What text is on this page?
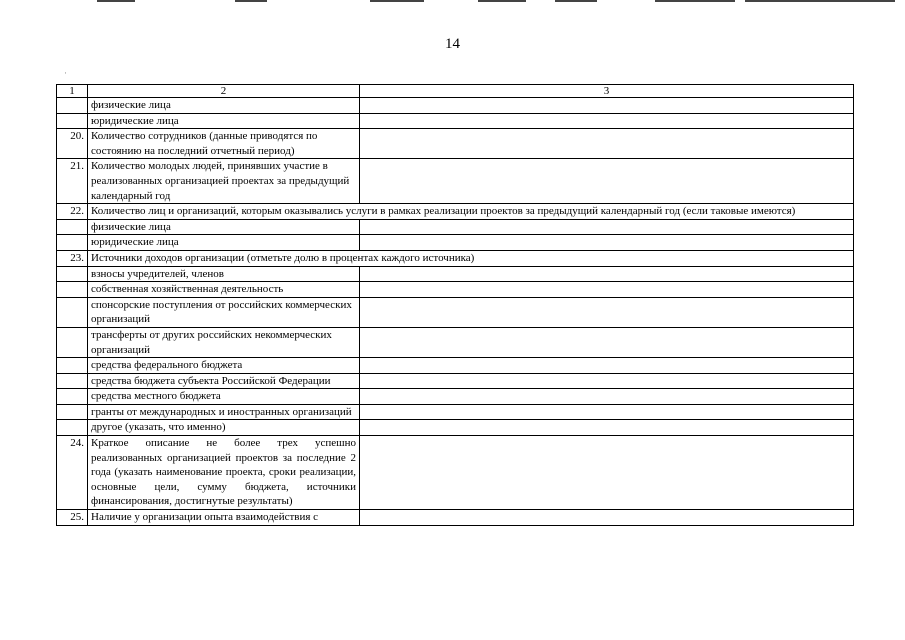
14
·
1	2	3
	физические лица	
	юридические лица	
20.	Количество сотрудников (данные приводятся по состоянию на последний отчетный период)	
21.	Количество молодых людей, принявших участие в реализованных организацией проектах за предыдущий календарный год	
22.	Количество лиц и организаций, которым оказывались услуги в рамках реализации проектов за предыдущий календарный год (если таковые имеются)	
	физические лица	
	юридические лица	
23.	Источники доходов организации (отметьте долю в процентах каждого источника)	
	взносы учредителей, членов	
	собственная хозяйственная деятельность	
	спонсорские поступления от российских коммерческих организаций	
	трансферты от других российских некоммерческих организаций	
	средства федерального бюджета	
	средства бюджета субъекта Российской Федерации	
	средства местного бюджета	
	гранты от международных и иностранных организаций	
	другое (указать, что именно)	
24.	Краткое описание не более трех успешно реализованных организацией проектов за последние 2 года (указать наименование проекта, сроки реализации, основные цели, сумму бюджета, источники финансирования, достигнутые результаты)	
25.	Наличие у организации опыта взаимодействия с	
